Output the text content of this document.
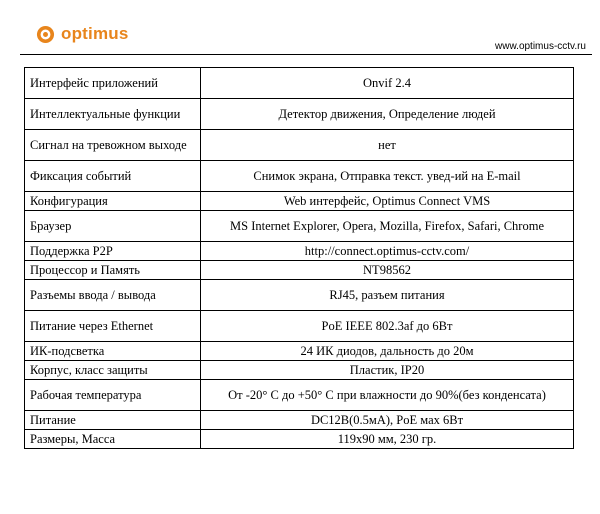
optimus
www.optimus-cctv.ru
Интерфейс приложений	Onvif 2.4
Интеллектуальные функции	Детектор движения, Определение людей
Сигнал на тревожном выходе	нет
Фиксация событий	Снимок экрана, Отправка текст. увед-ий на E-mail
Конфигурация	Web интерфейс, Optimus Connect VMS
Браузер	MS Internet Explorer, Opera, Mozilla, Firefox, Safari, Chrome
Поддержка P2P	http://connect.optimus-cctv.com/
Процессор и Память	NT98562
Разъемы ввода / вывода	RJ45, разъем питания
Питание через Ethernet	PoE IEEE 802.3af до 6Вт
ИК-подсветка	24 ИК диодов, дальность до 20м
Корпус, класс защиты	Пластик, IP20
Рабочая температура	От -20° С до +50° С при влажности до 90%(без конденсата)
Питание	DC12В(0.5мА), PoE мах 6Вт
Размеры, Масса	119х90 мм, 230 гр.
